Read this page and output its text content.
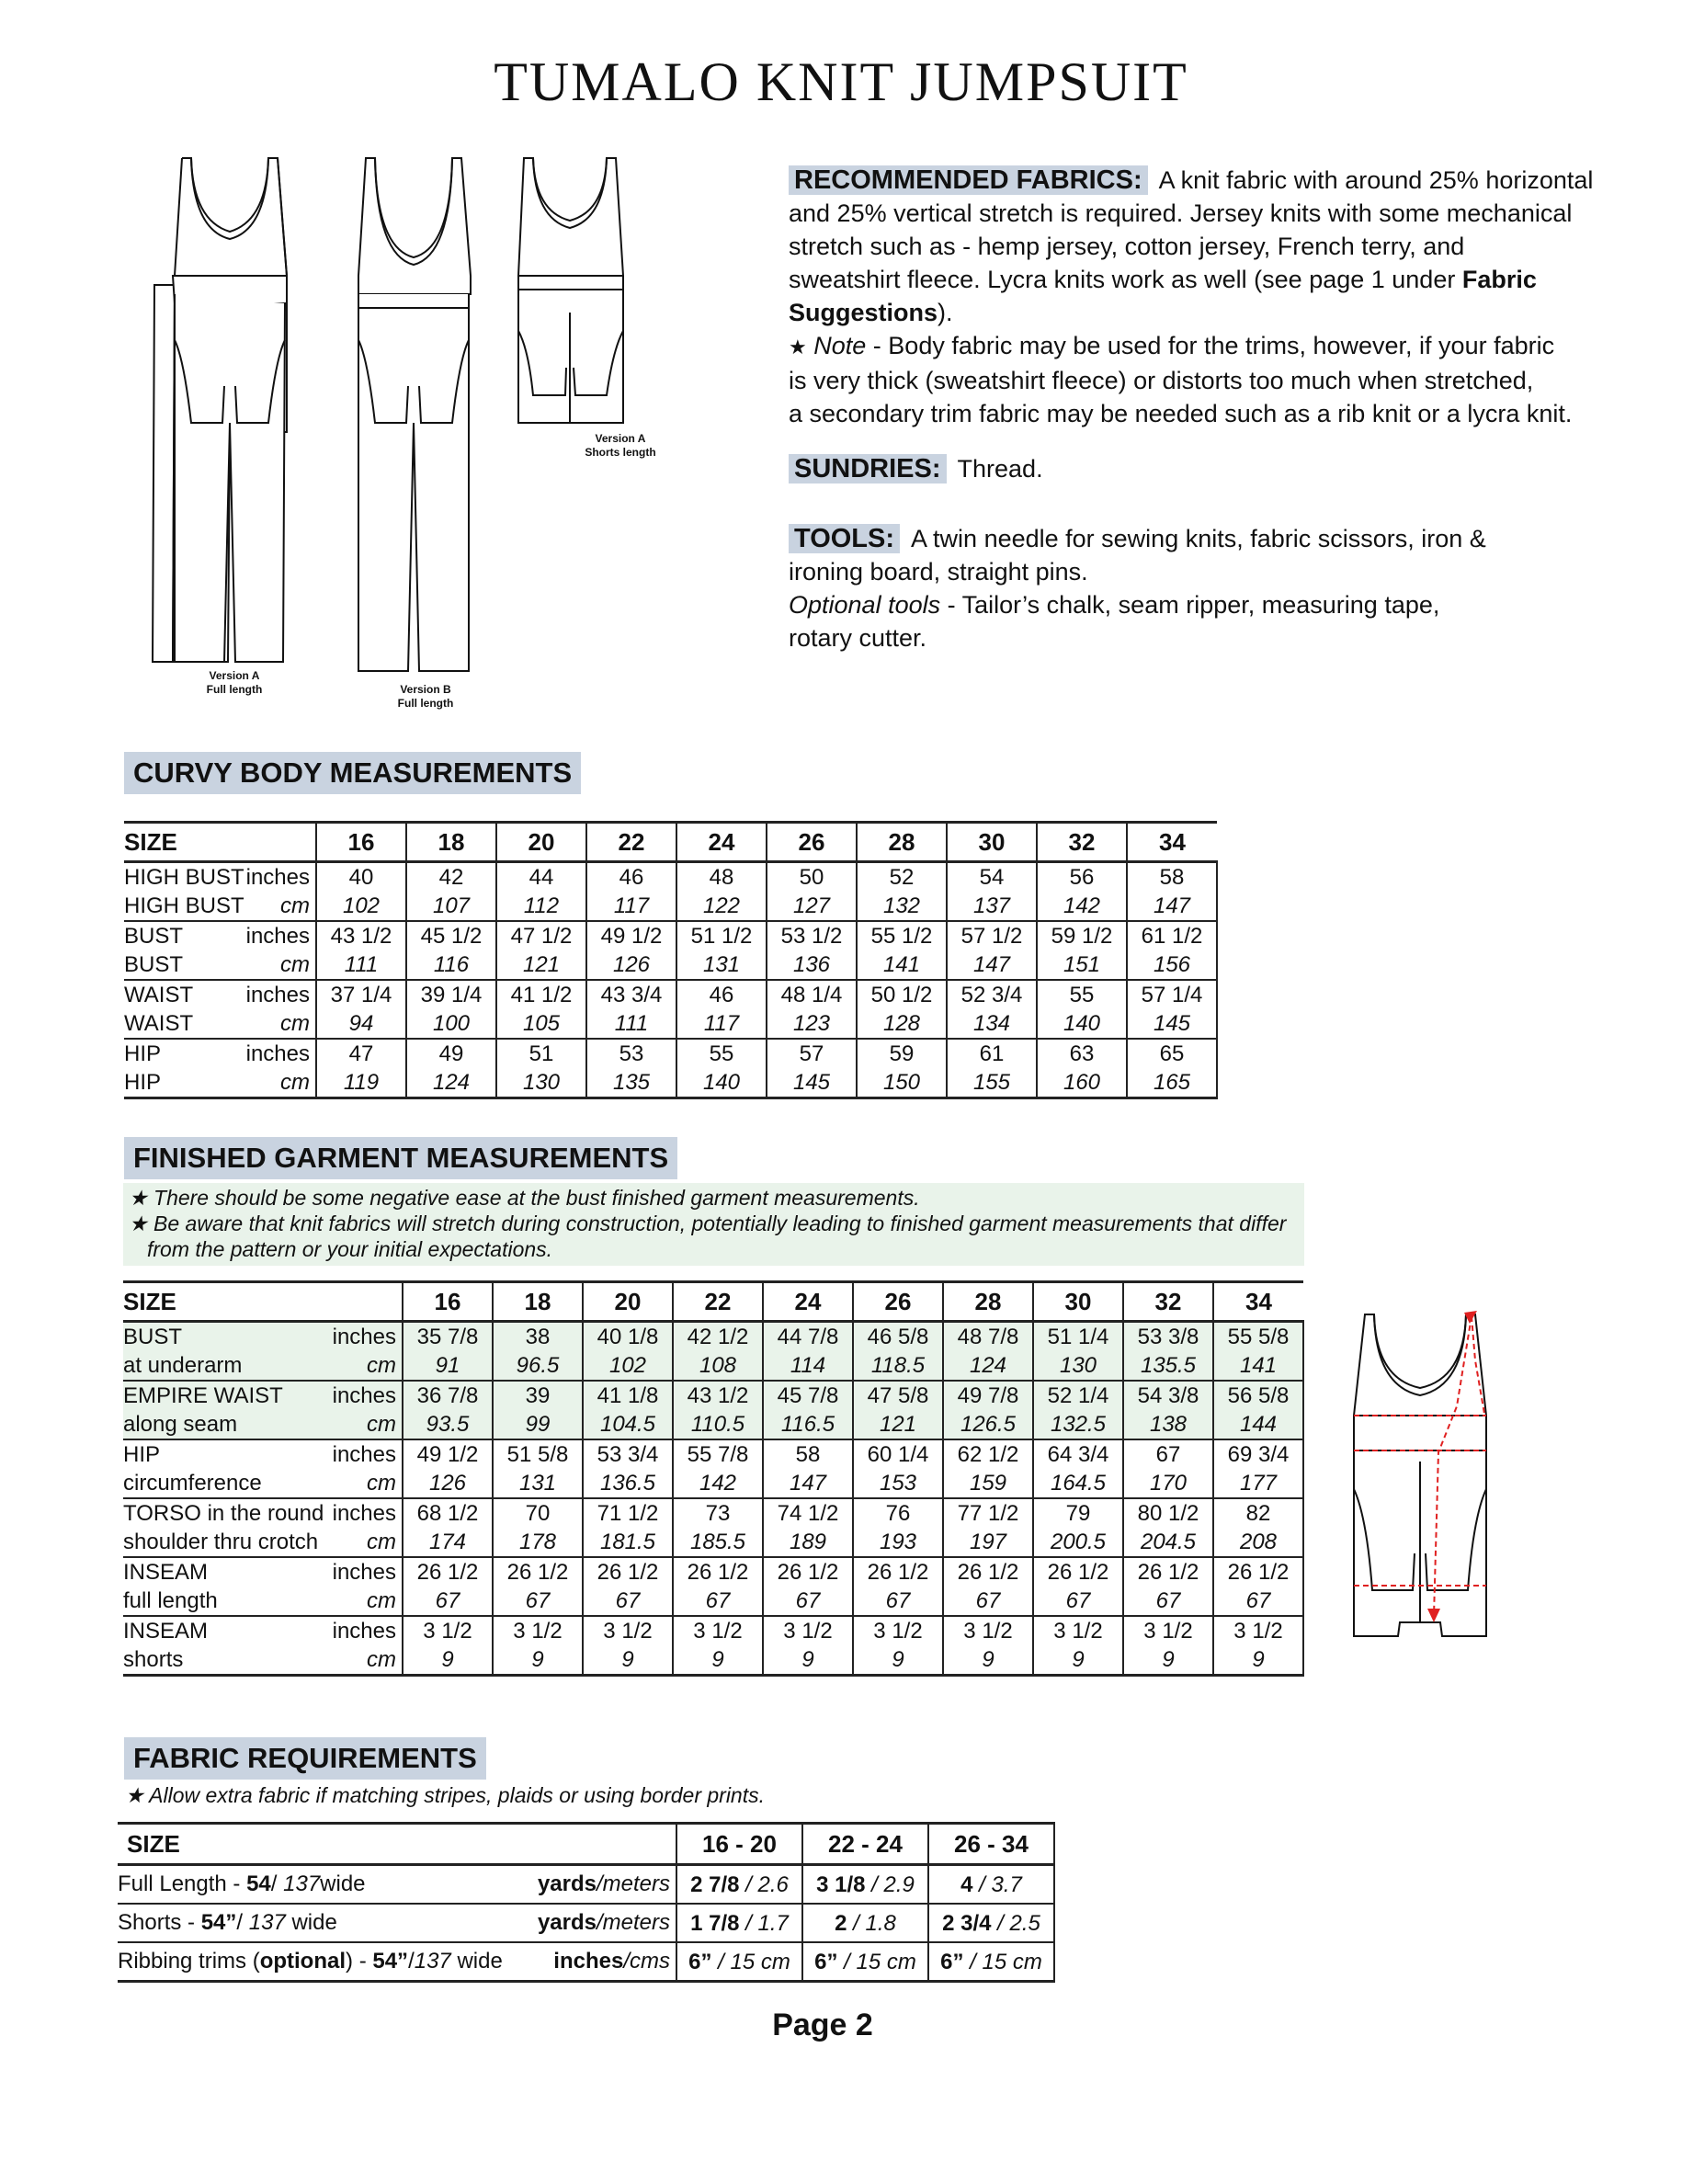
TUMALO KNIT JUMPSUIT
Version A
Full length	Version B
Full length
Version A
Shorts length

RECOMMENDED FABRICS: A knit fabric with around 25% horizontal

and 25% vertical stretch is required. Jersey knits with some mechanical

stretch such as - hemp jersey, cotton jersey, French terry, and

sweatshirt fleece. Lycra knits work as well (see page 1 under Fabric

Suggestions).

★ Note - Body fabric may be used for the trims, however, if your fabric

is very thick (sweatshirt fleece) or distorts too much when stretched,

a secondary trim fabric may be needed such as a rib knit or a lycra knit.

SUNDRIES: Thread.

TOOLS: A twin needle for sewing knits, fabric scissors, iron &

ironing board, straight pins.

Optional tools - Tailor’s chalk, seam ripper, measuring tape,

rotary cutter.

CURVY BODY MEASUREMENTS
SIZE		16	18	20	22	24	26	28	30	32	34
HIGH BUST	inches	40	42	44	46	48	50	52	54	56	58
HIGH BUST	cm	102	107	112	117	122	127	132	137	142	147
BUST	inches	43 1/2	45 1/2	47 1/2	49 1/2	51 1/2	53 1/2	55 1/2	57 1/2	59 1/2	61 1/2
BUST	cm	111	116	121	126	131	136	141	147	151	156
WAIST	inches	37 1/4	39 1/4	41 1/2	43 3/4	46	48 1/4	50 1/2	52 3/4	55	57 1/4
WAIST	cm	94	100	105	111	117	123	128	134	140	145
HIP	inches	47	49	51	53	55	57	59	61	63	65
HIP	cm	119	124	130	135	140	145	150	155	160	165
FINISHED GARMENT MEASUREMENTS
★ There should be some negative ease at the bust finished garment measurements.
★ Be aware that knit fabrics will stretch during construction, potentially leading to finished garment measurements that differ from the pattern or your initial expectations.
SIZE		16	18	20	22	24	26	28	30	32	34
BUST	inches	35 7/8	38	40 1/8	42 1/2	44 7/8	46 5/8	48 7/8	51 1/4	53 3/8	55 5/8
at underarm	cm	91	96.5	102	108	114	118.5	124	130	135.5	141
EMPIRE WAIST	inches	36 7/8	39	41 1/8	43 1/2	45 7/8	47 5/8	49 7/8	52 1/4	54 3/8	56 5/8
along seam	cm	93.5	99	104.5	110.5	116.5	121	126.5	132.5	138	144
HIP	inches	49 1/2	51 5/8	53 3/4	55 7/8	58	60 1/4	62 1/2	64 3/4	67	69 3/4
circumference	cm	126	131	136.5	142	147	153	159	164.5	170	177
TORSO in the round	inches	68 1/2	70	71 1/2	73	74 1/2	76	77 1/2	79	80 1/2	82
shoulder thru crotch	cm	174	178	181.5	185.5	189	193	197	200.5	204.5	208
INSEAM	inches	26 1/2	26 1/2	26 1/2	26 1/2	26 1/2	26 1/2	26 1/2	26 1/2	26 1/2	26 1/2
full length	cm	67	67	67	67	67	67	67	67	67	67
INSEAM	inches	3 1/2	3 1/2	3 1/2	3 1/2	3 1/2	3 1/2	3 1/2	3 1/2	3 1/2	3 1/2
shorts	cm	9	9	9	9	9	9	9	9	9	9
FABRIC REQUIREMENTS
★ Allow extra fabric if matching stripes, plaids or using border prints.
SIZE		16 - 20	22 - 24	26 - 34
Full Length - 54/ 137wide	yards/meters	2 7/8 / 2.6	3 1/8 / 2.9	4 / 3.7
Shorts - 54”/ 137 wide	yards/meters	1 7/8 / 1.7	2 / 1.8	2 3/4 / 2.5
Ribbing trims (optional) - 54”/137 wide	inches/cms	6” / 15 cm	6” / 15 cm	6” / 15 cm
Page 2
